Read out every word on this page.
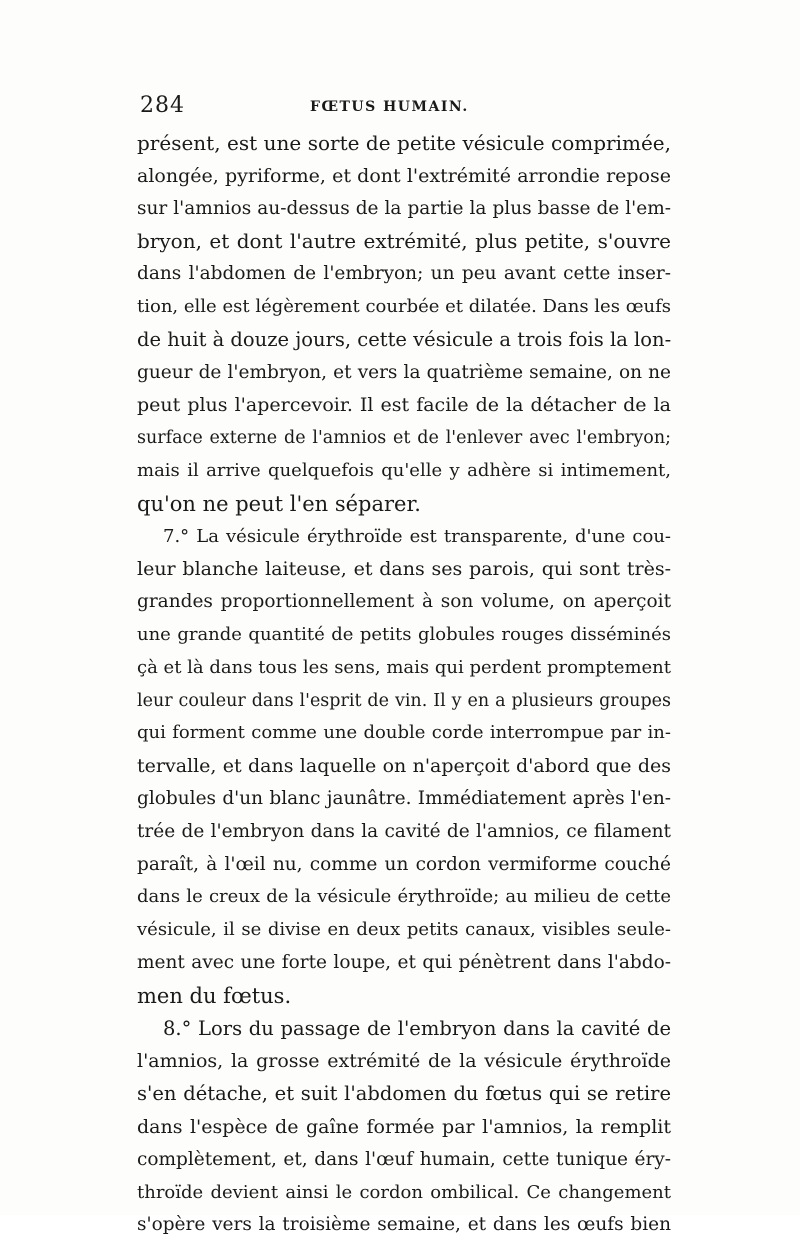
284	FŒTUS HUMAIN.
présent, est une sorte de petite vésicule comprimée,
alongée, pyriforme, et dont l'extrémité arrondie repose
sur l'amnios au-dessus de la partie la plus basse de l'em-
bryon, et dont l'autre extrémité, plus petite, s'ouvre
dans l'abdomen de l'embryon; un peu avant cette inser-
tion, elle est légèrement courbée et dilatée. Dans les œufs
de huit à douze jours, cette vésicule a trois fois la lon-
gueur de l'embryon, et vers la quatrième semaine, on ne
peut plus l'apercevoir. Il est facile de la détacher de la
surface externe de l'amnios et de l'enlever avec l'embryon;
mais il arrive quelquefois qu'elle y adhère si intimement,
qu'on ne peut l'en séparer.
7.° La vésicule érythroïde est transparente, d'une cou-
leur blanche laiteuse, et dans ses parois, qui sont très-
grandes proportionnellement à son volume, on aperçoit
une grande quantité de petits globules rouges disséminés
çà et là dans tous les sens, mais qui perdent promptement
leur couleur dans l'esprit de vin. Il y en a plusieurs groupes
qui forment comme une double corde interrompue par in-
tervalle, et dans laquelle on n'aperçoit d'abord que des
globules d'un blanc jaunâtre. Immédiatement après l'en-
trée de l'embryon dans la cavité de l'amnios, ce filament
paraît, à l'œil nu, comme un cordon vermiforme couché
dans le creux de la vésicule érythroïde; au milieu de cette
vésicule, il se divise en deux petits canaux, visibles seule-
ment avec une forte loupe, et qui pénètrent dans l'abdo-
men du fœtus.
8.° Lors du passage de l'embryon dans la cavité de
l'amnios, la grosse extrémité de la vésicule érythroïde
s'en détache, et suit l'abdomen du fœtus qui se retire
dans l'espèce de gaîne formée par l'amnios, la remplit
complètement, et, dans l'œuf humain, cette tunique éry-
throïde devient ainsi le cordon ombilical. Ce changement
s'opère vers la troisième semaine, et dans les œufs bien
